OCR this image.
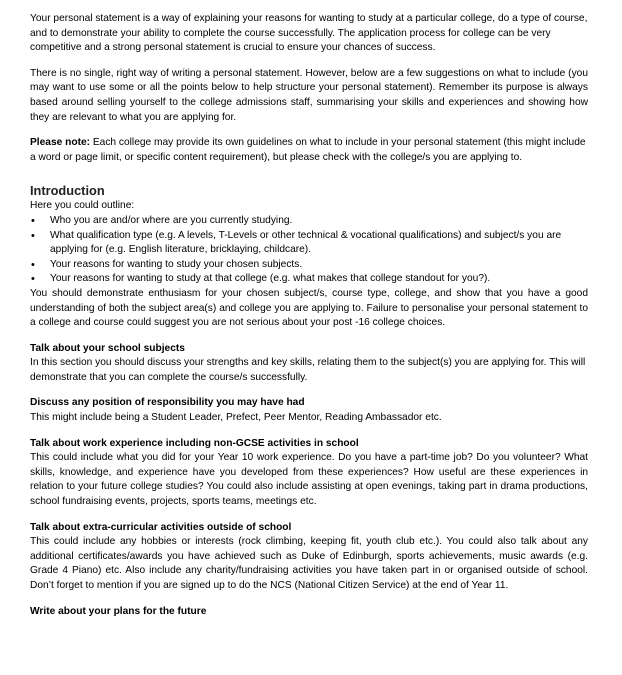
Your personal statement is a way of explaining your reasons for wanting to study at a particular college, do a type of course, and to demonstrate your ability to complete the course successfully. The application process for college can be very competitive and a strong personal statement is crucial to ensure your chances of success.

There is no single, right way of writing a personal statement. However, below are a few suggestions on what to include (you may want to use some or all the points below to help structure your personal statement). Remember its purpose is always based around selling yourself to the college admissions staff, summarising your skills and experiences and showing how they are relevant to what you are applying for.

Please note: Each college may provide its own guidelines on what to include in your personal statement (this might include a word or page limit, or specific content requirement), but please check with the college/s you are applying to.

Introduction

Here you could outline:

• Who you are and/or where are you currently studying.
• What qualification type (e.g. A levels, T-Levels or other technical & vocational qualifications) and subject/s you are applying for (e.g. English literature, bricklaying, childcare).
• Your reasons for wanting to study your chosen subjects.
• Your reasons for wanting to study at that college (e.g. what makes that college standout for you?).

You should demonstrate enthusiasm for your chosen subject/s, course type, college, and show that you have a good understanding of both the subject area(s) and college you are applying to. Failure to personalise your personal statement to a college and course could suggest you are not serious about your post -16 college choices.

Talk about your school subjects

In this section you should discuss your strengths and key skills, relating them to the subject(s) you are applying for. This will demonstrate that you can complete the course/s successfully.

Discuss any position of responsibility you may have had

This might include being a Student Leader, Prefect, Peer Mentor, Reading Ambassador etc.

Talk about work experience including non-GCSE activities in school

This could include what you did for your Year 10 work experience. Do you have a part-time job? Do you volunteer? What skills, knowledge, and experience have you developed from these experiences? How useful are these experiences in relation to your future college studies? You could also include assisting at open evenings, taking part in drama productions, school fundraising events, projects, sports teams, meetings etc.

Talk about extra-curricular activities outside of school

This could include any hobbies or interests (rock climbing, keeping fit, youth club etc.). You could also talk about any additional certificates/awards you have achieved such as Duke of Edinburgh, sports achievements, music awards (e.g. Grade 4 Piano) etc. Also include any charity/fundraising activities you have taken part in or organised outside of school. Don’t forget to mention if you are signed up to do the NCS (National Citizen Service) at the end of Year 11.

Write about your plans for the future
